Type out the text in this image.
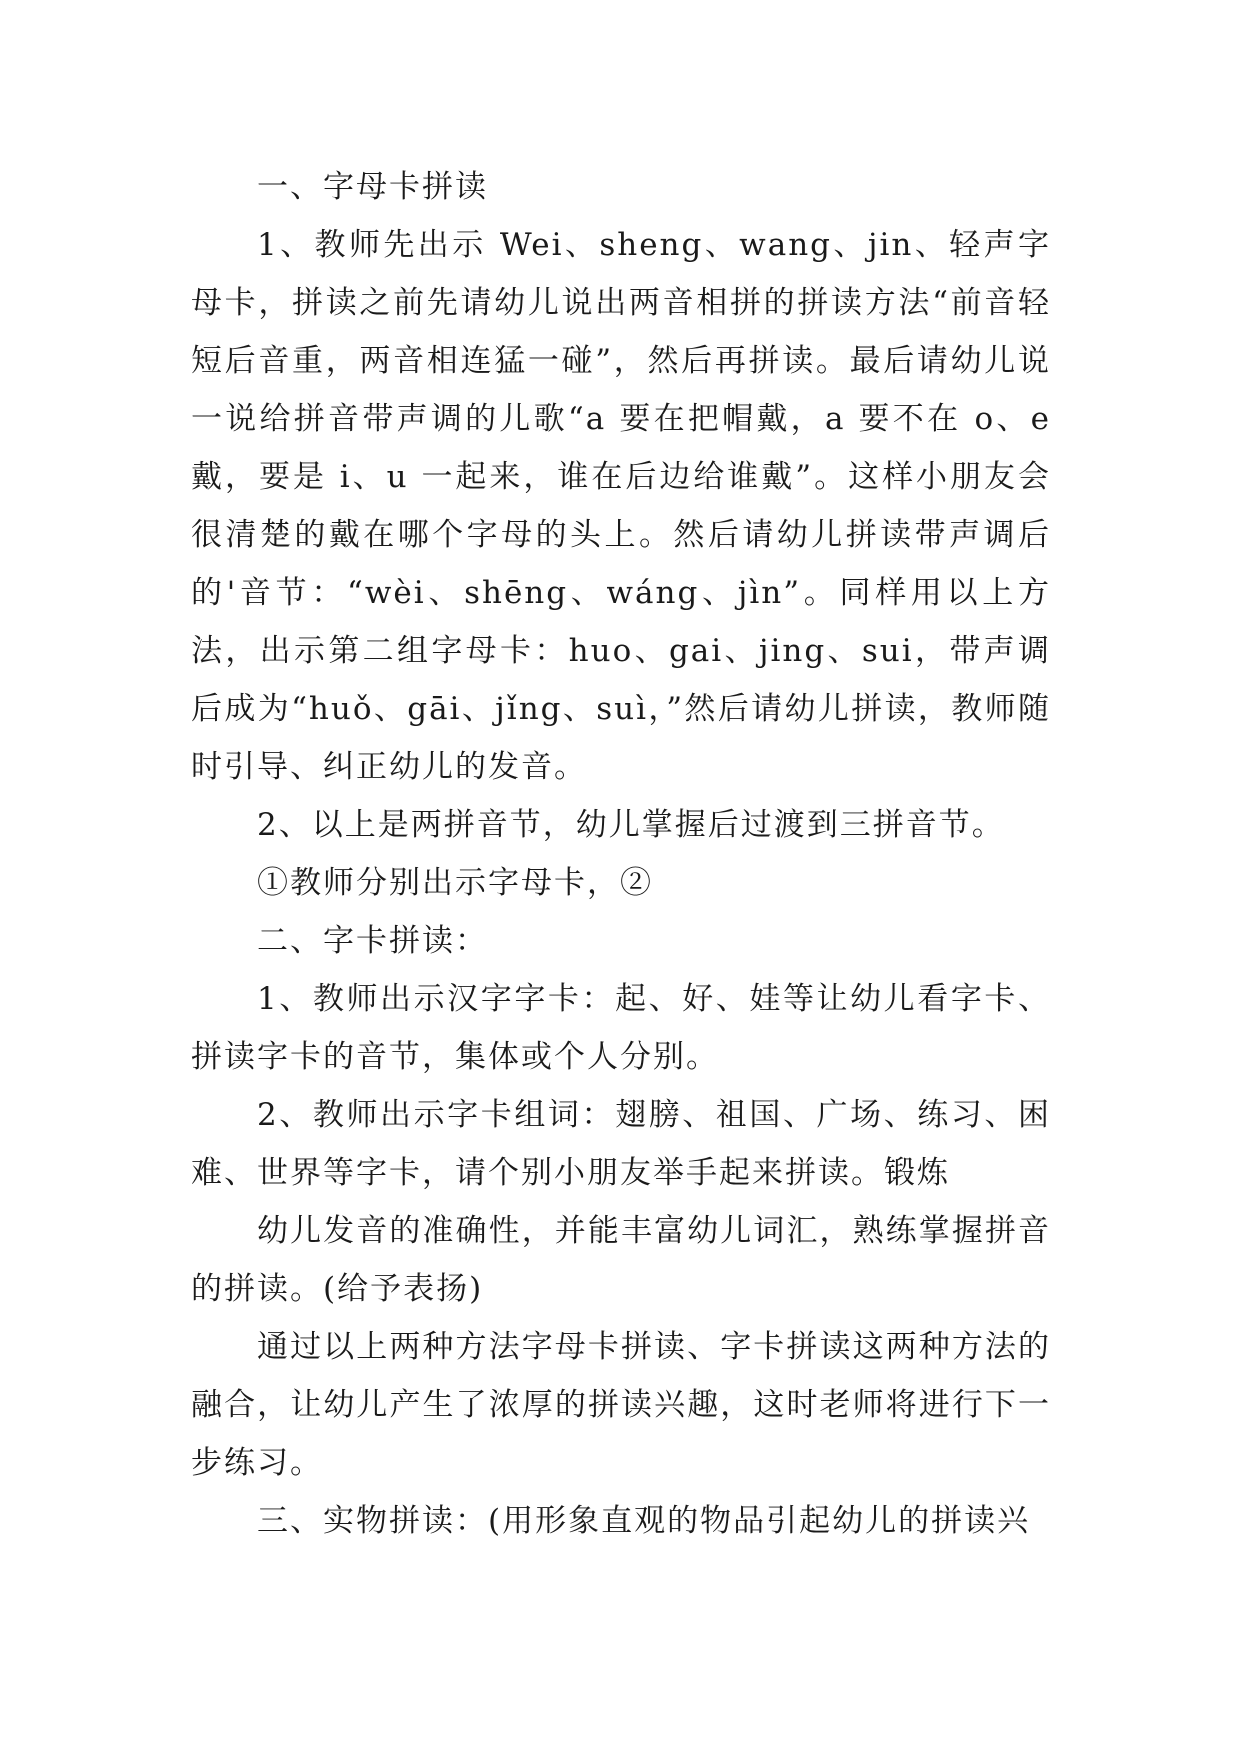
一、字母卡拼读

1、教师先出示 Wei、sheng、wang、jin、轻声字母卡，拼读之前先请幼儿说出两音相拼的拼读方法“前音轻短后音重，两音相连猛一碰”，然后再拼读。最后请幼儿说一说给拼音带声调的儿歌“a 要在把帽戴，a 要不在 o、e 戴，要是 i、u 一起来，谁在后边给谁戴”。这样小朋友会很清楚的戴在哪个字母的头上。然后请幼儿拼读带声调后的'音节：“wèi、shēng、wáng、jìn”。同样用以上方法，出示第二组字母卡：huo、gai、jing、sui，带声调后成为“huǒ、gāi、jǐng、suì，”然后请幼儿拼读，教师随时引导、纠正幼儿的发音。

2、以上是两拼音节，幼儿掌握后过渡到三拼音节。

①教师分别出示字母卡，②

二、字卡拼读：

1、教师出示汉字字卡：起、好、娃等让幼儿看字卡、拼读字卡的音节，集体或个人分别。

2、教师出示字卡组词：翅膀、祖国、广场、练习、困难、世界等字卡，请个别小朋友举手起来拼读。锻炼

幼儿发音的准确性，并能丰富幼儿词汇，熟练掌握拼音的拼读。(给予表扬)

通过以上两种方法字母卡拼读、字卡拼读这两种方法的融合，让幼儿产生了浓厚的拼读兴趣，这时老师将进行下一步练习。

三、实物拼读：(用形象直观的物品引起幼儿的拼读兴
